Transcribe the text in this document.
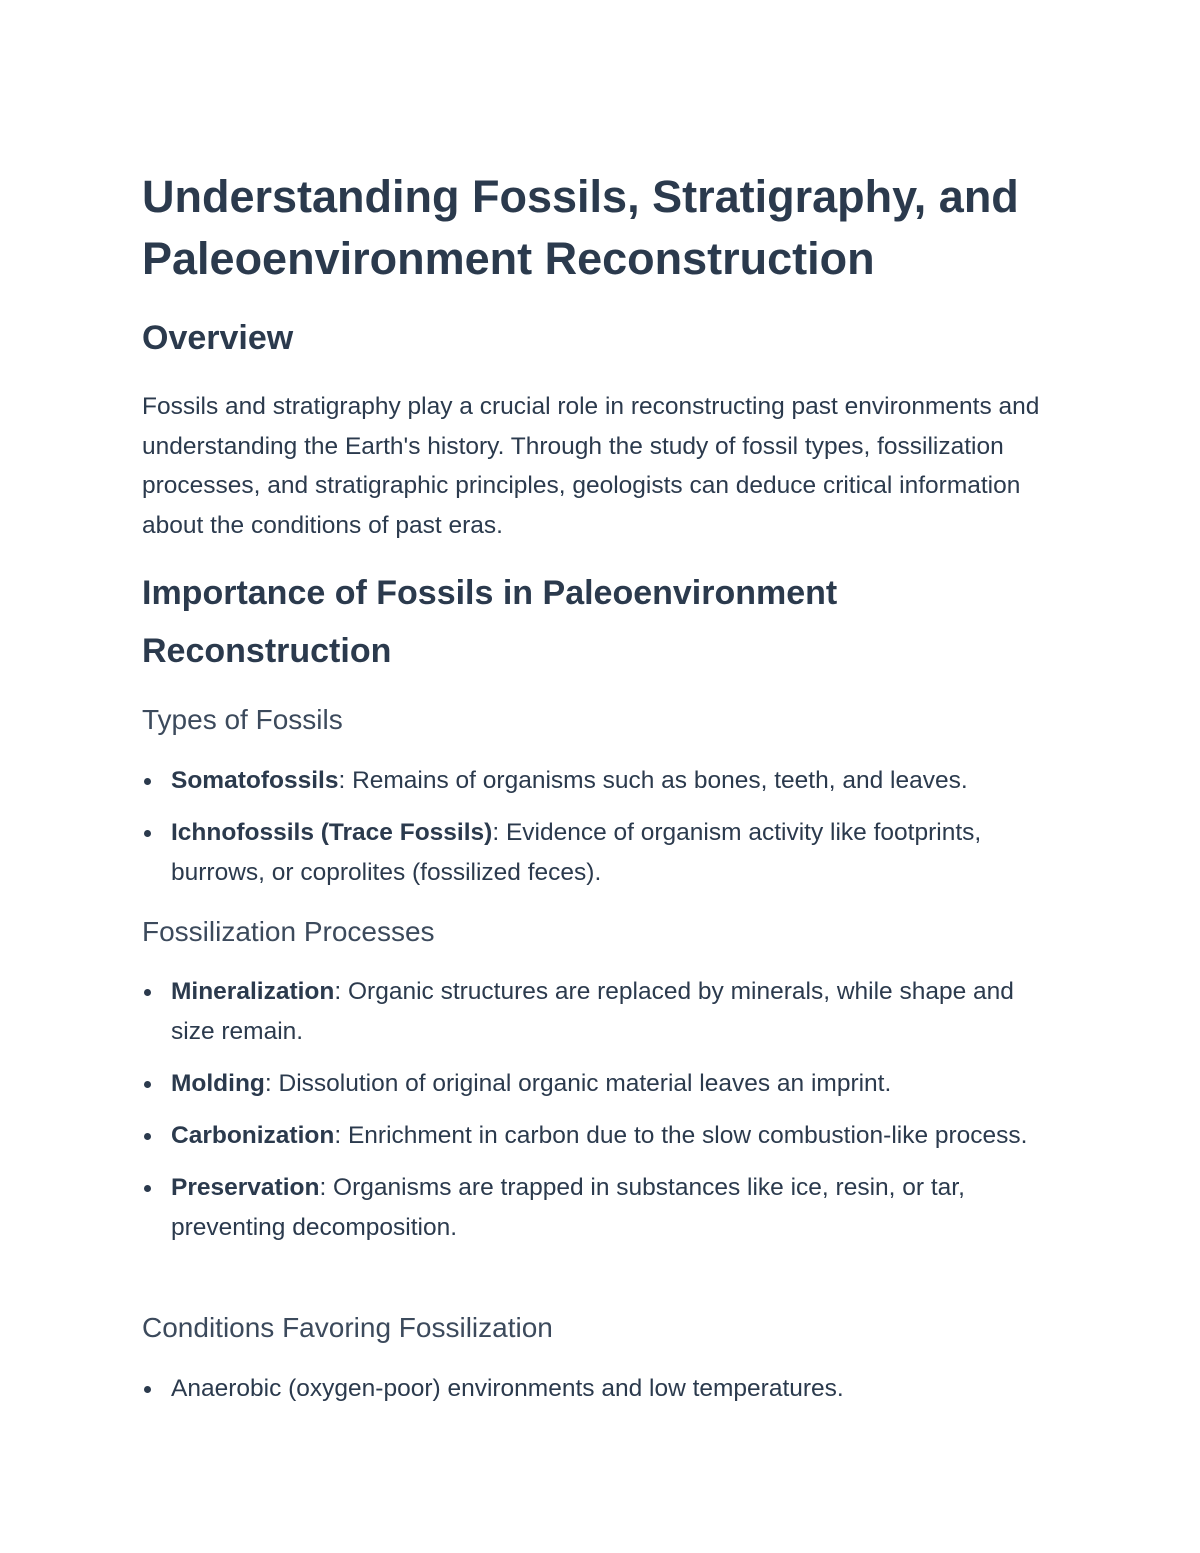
Understanding Fossils, Stratigraphy, and Paleoenvironment Reconstruction
Overview

Fossils and stratigraphy play a crucial role in reconstructing past environments and understanding the Earth's history. Through the study of fossil types, fossilization processes, and stratigraphic principles, geologists can deduce critical information about the conditions of past eras.

Importance of Fossils in Paleoenvironment Reconstruction
Types of Fossils
Somatofossils: Remains of organisms such as bones, teeth, and leaves.
Ichnofossils (Trace Fossils): Evidence of organism activity like footprints, burrows, or coprolites (fossilized feces).
Fossilization Processes
Mineralization: Organic structures are replaced by minerals, while shape and size remain.
Molding: Dissolution of original organic material leaves an imprint.
Carbonization: Enrichment in carbon due to the slow combustion-like process.
Preservation: Organisms are trapped in substances like ice, resin, or tar, preventing decomposition.
Conditions Favoring Fossilization
Anaerobic (oxygen-poor) environments and low temperatures.
